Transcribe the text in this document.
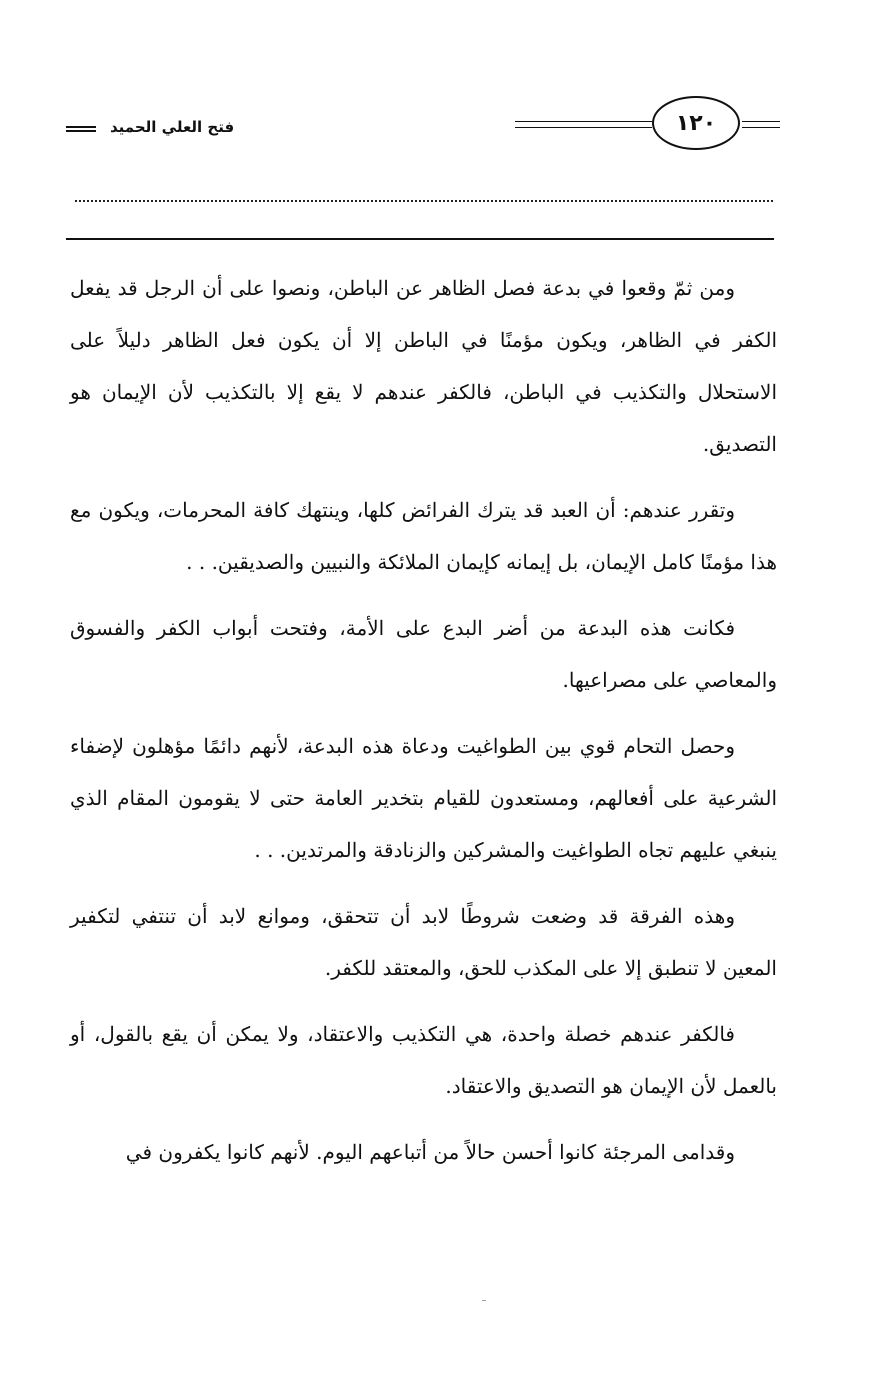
فتح العلي الحميد	١٢٠

ومن ثمّ وقعوا في بدعة فصل الظاهر عن الباطن، ونصوا على أن الرجل قد يفعل الكفر في الظاهر، ويكون مؤمنًا في الباطن إلا أن يكون فعل الظاهر دليلاً على الاستحلال والتكذيب في الباطن، فالكفر عندهم لا يقع إلا بالتكذيب لأن الإيمان هو التصديق.

وتقرر عندهم: أن العبد قد يترك الفرائض كلها، وينتهك كافة المحرمات، ويكون مع هذا مؤمنًا كامل الإيمان، بل إيمانه كإيمان الملائكة والنبيين والصديقين. . .

فكانت هذه البدعة من أضر البدع على الأمة، وفتحت أبواب الكفر والفسوق والمعاصي على مصراعيها.

وحصل التحام قوي بين الطواغيت ودعاة هذه البدعة، لأنهم دائمًا مؤهلون لإضفاء الشرعية على أفعالهم، ومستعدون للقيام بتخدير العامة حتى لا يقومون المقام الذي ينبغي عليهم تجاه الطواغيت والمشركين والزنادقة والمرتدين. . .

وهذه الفرقة قد وضعت شروطًا لابد أن تتحقق، وموانع لابد أن تنتفي لتكفير المعين لا تنطبق إلا على المكذب للحق، والمعتقد للكفر.

فالكفر عندهم خصلة واحدة، هي التكذيب والاعتقاد، ولا يمكن أن يقع بالقول، أو بالعمل لأن الإيمان هو التصديق والاعتقاد.

وقدامى المرجئة كانوا أحسن حالاً من أتباعهم اليوم. لأنهم كانوا يكفرون في
